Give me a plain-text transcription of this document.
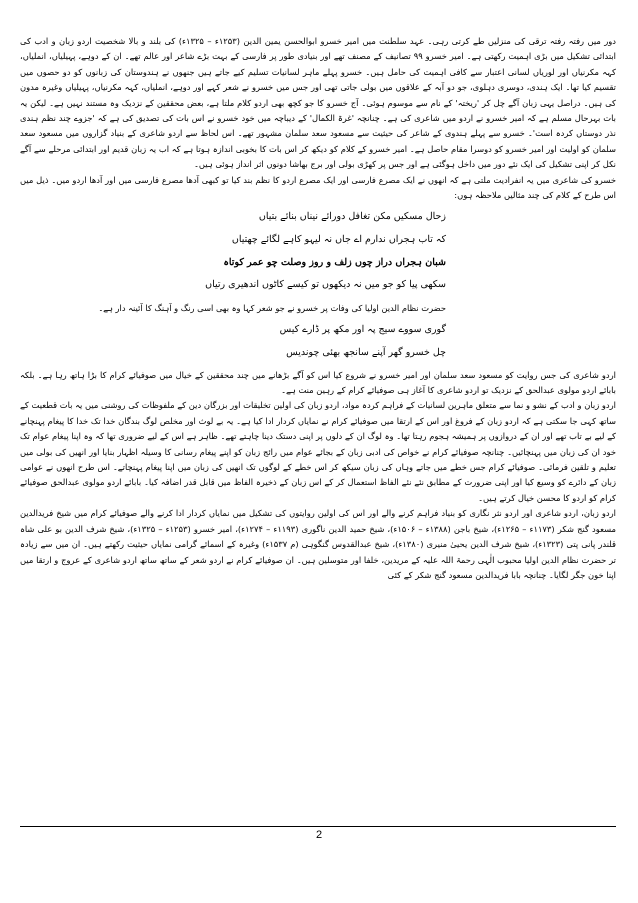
دور میں رفتہ رفتہ ترقی کی منزلیں طے کرتی رہی۔ عہد سلطنت میں امیر خسرو ابوالحسن یمین الدین (۱۲۵۳ء – ۱۳۲۵ء) کی بلند و بالا شخصیت اردو زبان و ادب کی ابتدائی تشکیل میں بڑی اہمیت رکھتی ہے۔ امیر خسرو ۹۹ تصانیف کے مصنف تھے اور بنیادی طور پر فارسی کے بہت بڑے شاعر اور عالم تھے۔ ان کے دوہے، پہیلیاں، انملیاں، کہہ مکرنیاں اور لوریاں لسانی اعتبار سے کافی اہمیت کی حامل ہیں۔ خسرو پہلے ماہر لسانیات تسلیم کیے جاتے ہیں جنھوں نے ہندوستان کی زبانوں کو دو حصوں میں تقسیم کیا تھا۔ ایک ہندی، دوسری دہلوی، جو دو آبہ کے علاقوں میں بولی جاتی تھی اور جس میں خسرو نے شعر کہے اور دوہے، انملیاں، کہہ مکرنیاں، پہیلیاں وغیرہ مدون کی ہیں۔ دراصل یہی زبان آگے چل کر 'ریختہ' کے نام سے موسوم ہوئی۔ آج خسرو کا جو کچھ بھی اردو کلام ملتا ہے، بعض محققین کے نزدیک وہ مستند نہیں ہے۔ لیکن یہ بات بہرحال مسلم ہے کہ امیر خسرو نے اردو میں شاعری کی ہے۔ چنانچہ 'غرۃ الکمال' کے دیباچہ میں خود خسرو نے اس بات کی تصدیق کی ہے کہ 'جزوے چند نظم ہندی نذر دوستاں کردہ است'۔ خسرو سے پہلے ہندوی کے شاعر کی حیثیت سے مسعود سعد سلمان مشہور تھے۔ اس لحاظ سے اردو شاعری کے بنیاد گزاروں میں مسعود سعد سلمان کو اولیت اور امیر خسرو کو دوسرا مقام حاصل ہے۔ امیر خسرو کے کلام کو دیکھ کر اس بات کا بخوبی اندازہ ہوتا ہے کہ اب یہ زبان قدیم اور ابتدائی مرحلے سے آگے نکل کر اپنی تشکیل کی ایک نئے دور میں داخل ہوگئی ہے اور جس پر کھڑی بولی اور برج بھاشا دونوں اثر انداز ہوئی ہیں۔

خسرو کی شاعری میں یہ انفرادیت ملتی ہے کہ انھوں نے ایک مصرع فارسی اور ایک مصرع اردو کا نظم بند کیا تو کبھی آدھا مصرع فارسی میں اور آدھا اردو میں۔ ذیل میں اس طرح کے کلام کی چند مثالیں ملاحظہ ہوں:

زحال مسکیں مکن تغافل دورائے نیناں بنائے بتیاں
کہ تاب ہجراں ندارم اے جاں نہ لیہو کاہے لگائے چھتیاں
شبان ہجراں دراز چوں زلف و روز وصلت چو عمر کوتاہ
سکھی پیا کو جو میں نہ دیکھوں تو کیسے کاٹوں اندھیری رتیاں
حضرت نظام الدین اولیا کی وفات پر خسرو نے جو شعر کہا وہ بھی اسی رنگ و آہنگ کا آئینہ دار ہے۔
گوری سووے سیج پہ اور مکھ پر ڈارے کیس
چل خسرو گھر آپنے سانجھ بھئی چوندیس

اردو شاعری کی جس روایت کو مسعود سعد سلمان اور امیر خسرو نے شروع کیا اس کو آگے بڑھانے میں چند محققین کے خیال میں صوفیائے کرام کا بڑا ہاتھ رہا ہے۔ بلکہ بابائے اردو مولوی عبدالحق کے نزدیک تو اردو شاعری کا آغاز ہی صوفیائے کرام کے رہین منت ہے۔

اردو زبان و ادب کے نشو و نما سے متعلق ماہرین لسانیات کے فراہم کردہ مواد، اردو زبان کی اولین تخلیقات اور بزرگان دین کے ملفوظات کی روشنی میں یہ بات قطعیت کے ساتھ کہی جا سکتی ہے کہ اردو زبان کے فروغ اور اس کے ارتقا میں صوفیائے کرام نے نمایاں کردار ادا کیا ہے۔ یہ بے لوث اور مخلص لوگ بندگان خدا تک خدا کا پیغام پہنچانے کے لیے بے تاب تھے اور ان کے دروازوں پر ہمیشہ ہجوم رہتا تھا۔ وہ لوگ ان کے دلوں پر اپنی دستک دینا چاہتے تھے۔ ظاہر ہے اس کے لیے ضروری تھا کہ وہ اپنا پیغام عوام تک خود ان کی زبان میں پہنچائیں۔ چنانچہ صوفیائے کرام نے خواص کی ادبی زبان کے بجائے عوام میں رائج زبان کو اپنے پیغام رسانی کا وسیلہ اظہار بنایا اور انھیں کی بولی میں تعلیم و تلقین فرمائی۔ صوفیائے کرام جس خطے میں جاتے وہاں کی زبان سیکھ کر اس خطے کے لوگوں تک انھیں کی زبان میں اپنا پیغام پہنچاتے۔ اس طرح انھوں نے عوامی زبان کے دائرے کو وسیع کیا اور اپنی ضرورت کے مطابق نئے نئے الفاظ استعمال کر کے اس زبان کے ذخیرہ الفاظ میں قابل قدر اضافہ کیا۔ بابائے اردو مولوی عبدالحق صوفیائے کرام کو اردو کا محسن خیال کرتے ہیں۔

اردو زبان، اردو شاعری اور اردو نثر نگاری کو بنیاد فراہم کرنے والے اور اس کی اولین روایتوں کی تشکیل میں نمایاں کردار ادا کرنے والے صوفیائے کرام میں شیخ فریدالدین مسعود گنج شکر (۱۱۷۳ء – ۱۲۶۵ء)، شیخ باجن (۱۳۸۸ء – ۱۵۰۶ء)، شیخ حمید الدین ناگوری (۱۱۹۳ء – ۱۲۷۴ء)، امیر خسرو (۱۲۵۳ء – ۱۳۲۵ء)، شیخ شرف الدین بو علی شاہ قلندر پانی پتی (۱۳۲۳ء)، شیخ شرف الدین یحییٰ منیری (۱۳۸۰ء)، شیخ عبدالقدوس گنگوہی (م ۱۵۳۷ء) وغیرہ کے اسمائے گرامی نمایاں حیثیت رکھتے ہیں۔ ان میں سے زیادہ تر حضرت نظام الدین اولیا محبوب الٰہی رحمۃ اللہ علیہ کے مریدین، خلفا اور متوسلین ہیں۔ ان صوفیائے کرام نے اردو شعر کے ساتھ ساتھ اردو شاعری کے عروج و ارتقا میں اپنا خون جگر لگایا۔ چنانچہ بابا فریدالدین مسعود گنج شکر کے کئی

2
